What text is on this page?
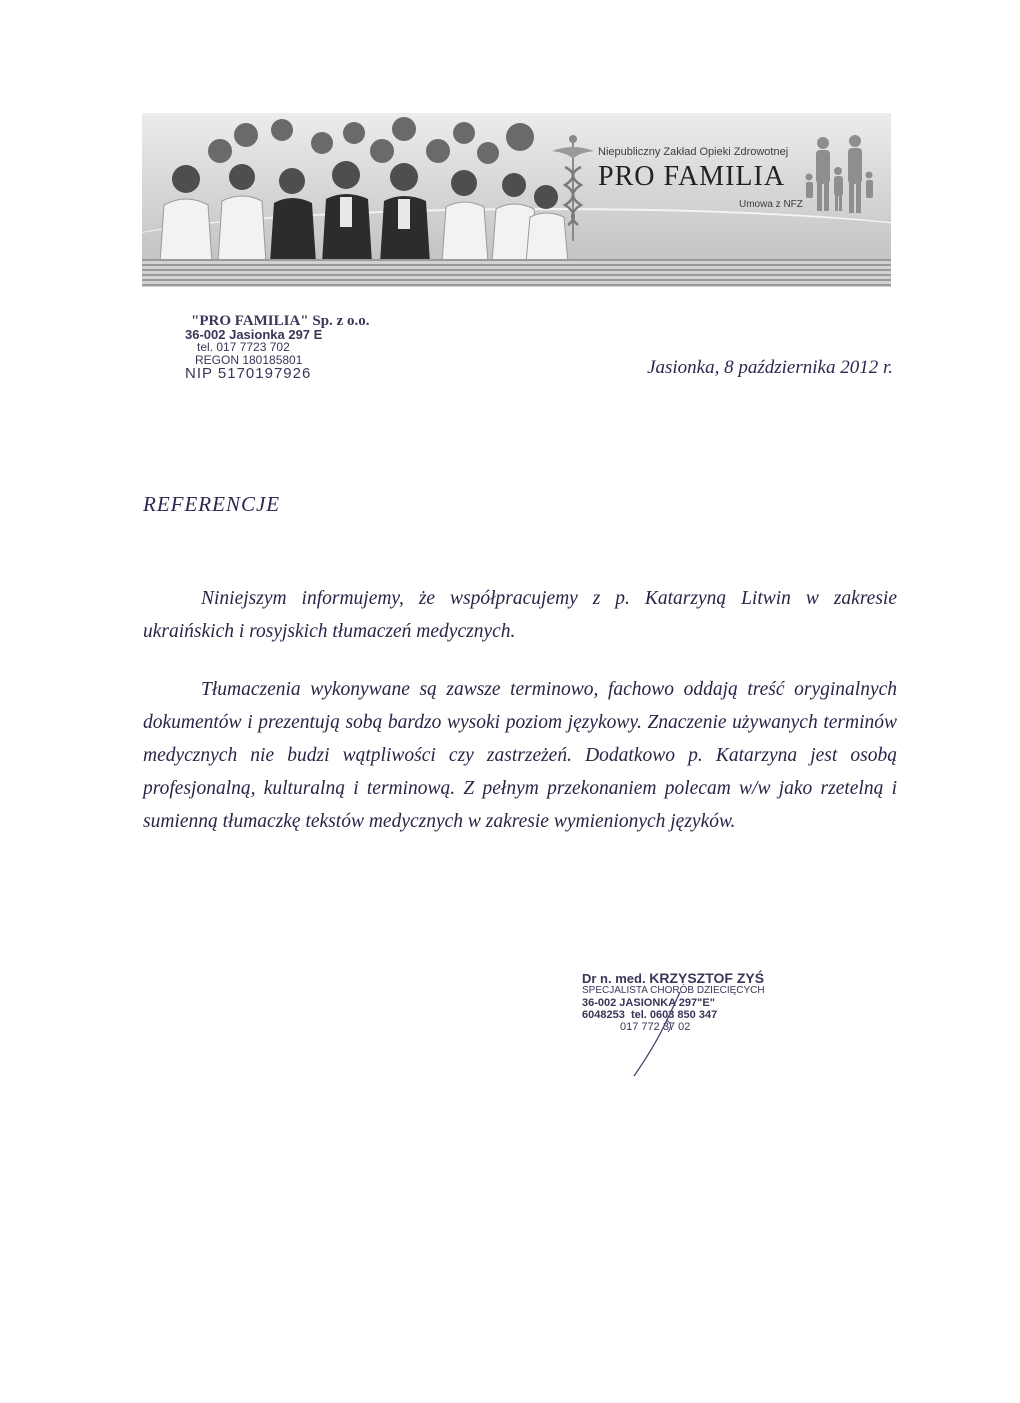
Niepubliczny Zakład Opieki Zdrowotnej
PRO FAMILIA
Umowa z NFZ
"PRO FAMILIA" Sp. z o.o.
36-002 Jasionka 297 E
tel. 017 7723 702
REGON 180185801
NIP 5170197926	Jasionka, 8 października 2012 r.
REFERENCJE
Niniejszym informujemy, że współpracujemy z p. Katarzyną Litwin w zakresie ukraińskich i rosyjskich tłumaczeń medycznych.
Tłumaczenia wykonywane są zawsze terminowo, fachowo oddają treść oryginalnych dokumentów i prezentują sobą bardzo wysoki poziom językowy. Znaczenie używanych terminów medycznych nie budzi wątpliwości czy zastrzeżeń. Dodatkowo p. Katarzyna jest osobą profesjonalną, kulturalną i terminową. Z pełnym przekonaniem polecam w/w jako rzetelną i sumienną tłumaczkę tekstów medycznych w zakresie wymienionych języków.
Dr n. med. KRZYSZTOF ZYŚ
SPECJALISTA CHORÓB DZIECIĘCYCH
36-002 JASIONKA 297"E"
6048253 tel. 0603 850 347
017 772 37 02
